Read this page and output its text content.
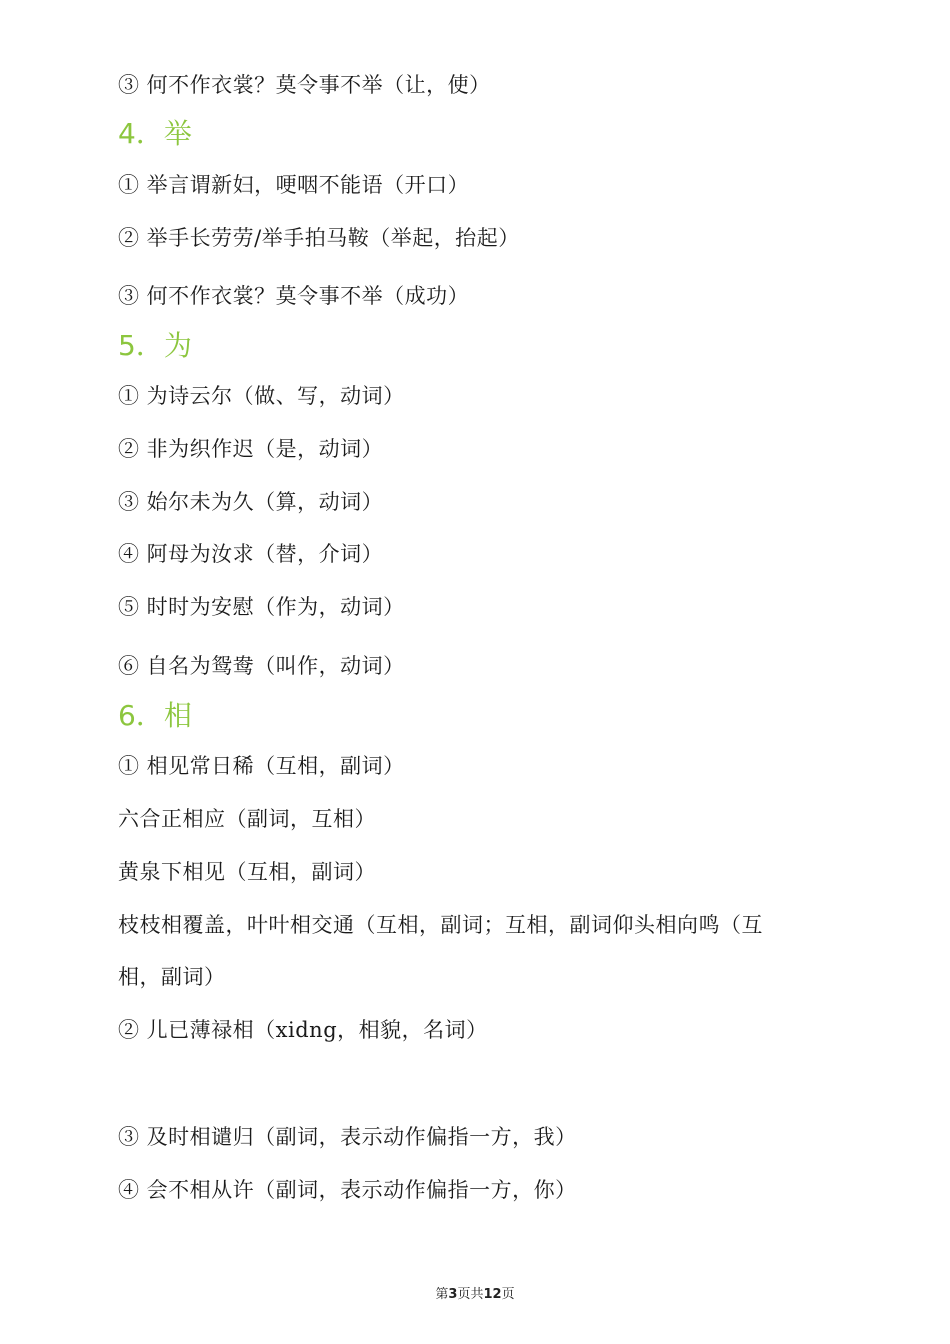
③ 何不作衣裳？莫令事不举（让，使）
4．举
① 举言谓新妇，哽咽不能语（开口）
② 举手长劳劳/举手拍马鞍（举起，抬起）
③ 何不作衣裳？莫令事不举（成功）
5．为
① 为诗云尔（做、写，动词）
② 非为织作迟（是，动词）
③ 始尔未为久（算，动词）
④ 阿母为汝求（替，介词）
⑤ 时时为安慰（作为，动词）
⑥ 自名为鸳鸯（叫作，动词）
6．相
① 相见常日稀（互相，副词）
六合正相应（副词，互相）
黄泉下相见（互相，副词）
枝枝相覆盖，叶叶相交通（互相，副词；互相，副词仰头相向鸣（互
相，副词）
② 儿已薄禄相（xidng，相貌，名词）
③ 及时相谴归（副词，表示动作偏指一方，我）
④ 会不相从许（副词，表示动作偏指一方，你）
第3页共12页
